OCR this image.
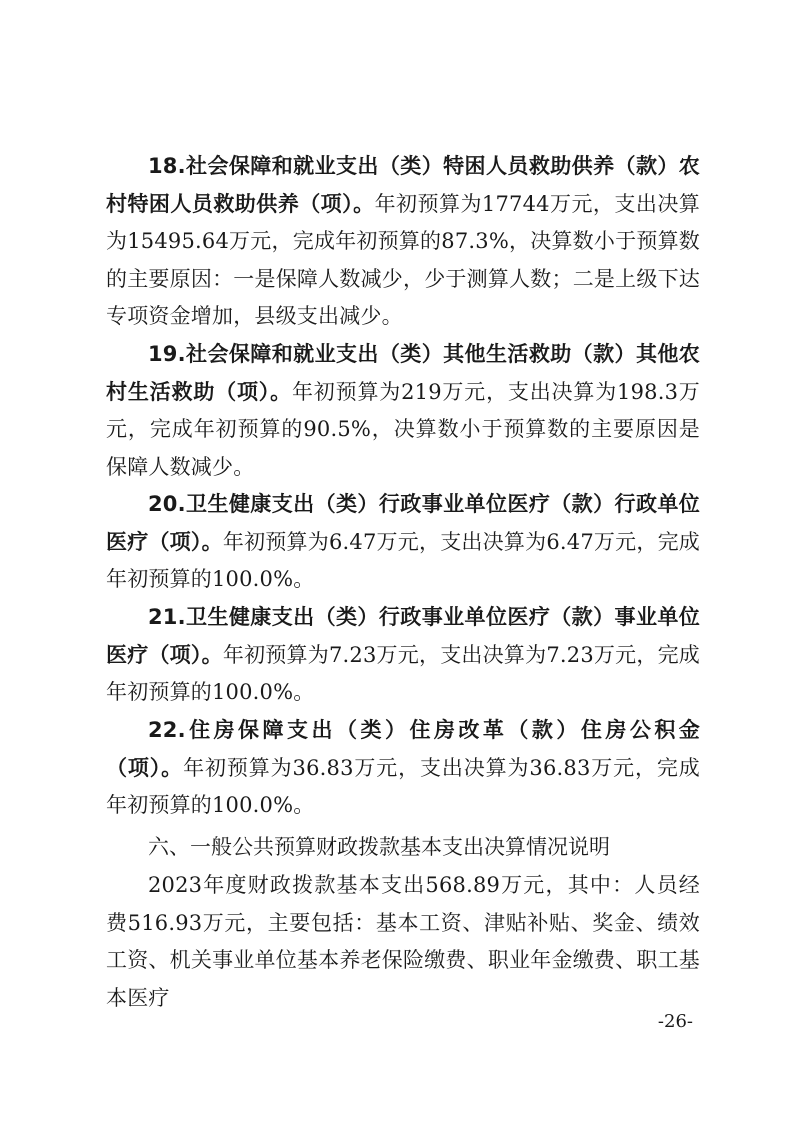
18.社会保障和就业支出（类）特困人员救助供养（款）农村特困人员救助供养（项）。年初预算为17744万元，支出决算为15495.64万元，完成年初预算的87.3%，决算数小于预算数的主要原因：一是保障人数减少，少于测算人数；二是上级下达专项资金增加，县级支出减少。

19.社会保障和就业支出（类）其他生活救助（款）其他农村生活救助（项）。年初预算为219万元，支出决算为198.3万元，完成年初预算的90.5%，决算数小于预算数的主要原因是保障人数减少。

20.卫生健康支出（类）行政事业单位医疗（款）行政单位医疗（项）。年初预算为6.47万元，支出决算为6.47万元，完成年初预算的100.0%。

21.卫生健康支出（类）行政事业单位医疗（款）事业单位医疗（项）。年初预算为7.23万元，支出决算为7.23万元，完成年初预算的100.0%。

22.住房保障支出（类）住房改革（款）住房公积金（项）。年初预算为36.83万元，支出决算为36.83万元，完成年初预算的100.0%。

六、一般公共预算财政拨款基本支出决算情况说明

2023年度财政拨款基本支出568.89万元，其中：人员经费516.93万元，主要包括：基本工资、津贴补贴、奖金、绩效工资、机关事业单位基本养老保险缴费、职业年金缴费、职工基本医疗

-26-
